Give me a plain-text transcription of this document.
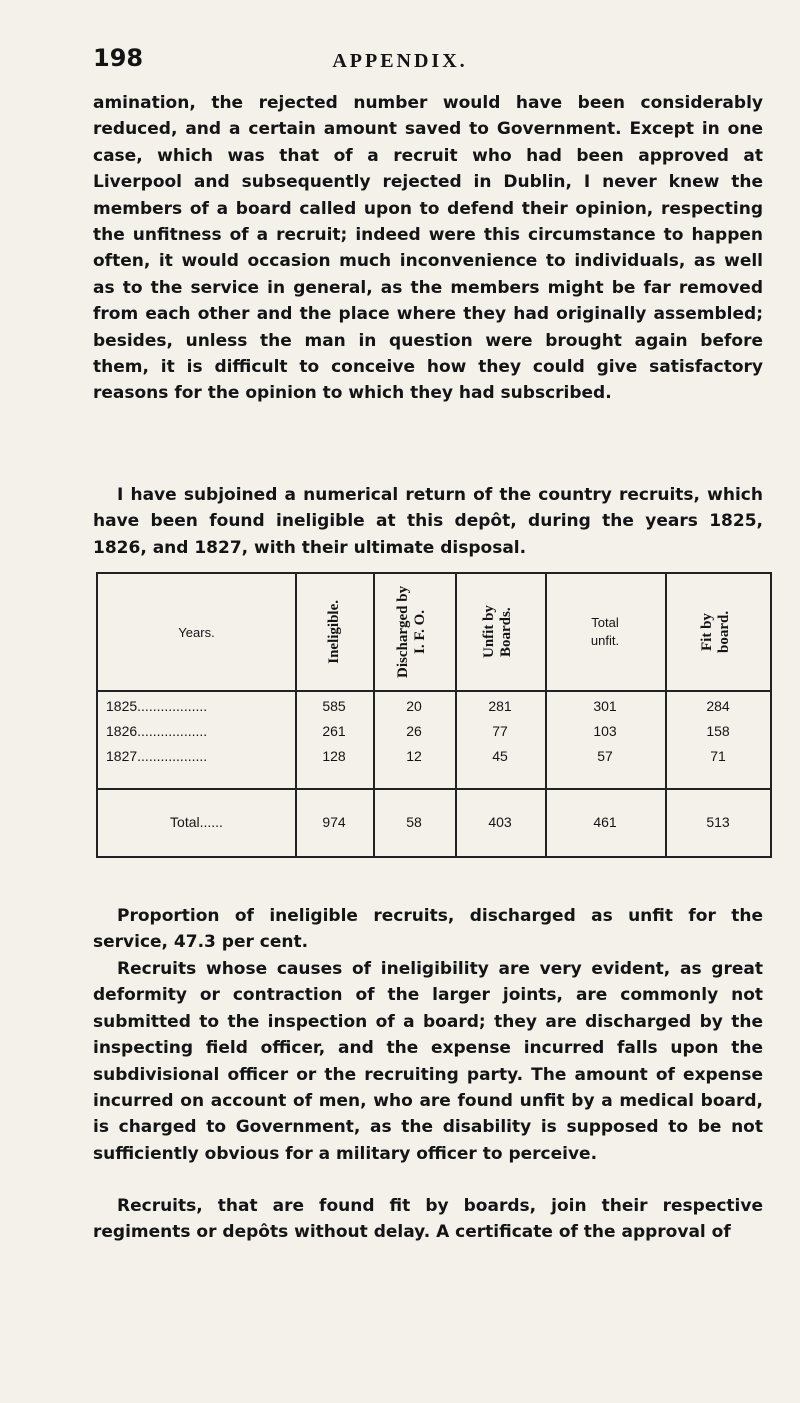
198	APPENDIX.

amination, the rejected number would have been considerably reduced, and a certain amount saved to Government. Except in one case, which was that of a recruit who had been approved at Liverpool and subsequently rejected in Dublin, I never knew the members of a board called upon to defend their opinion, respecting the unfitness of a recruit; indeed were this circumstance to happen often, it would occasion much inconvenience to individuals, as well as to the service in general, as the members might be far removed from each other and the place where they had originally assembled; besides, unless the man in question were brought again before them, it is difficult to conceive how they could give satisfactory reasons for the opinion to which they had subscribed.

I have subjoined a numerical return of the country recruits, which have been found ineligible at this depôt, during the years 1825, 1826, and 1827, with their ultimate disposal.

Years.	Ineligible.	Discharged by I. F. O.	Unfit by Boards.	Total unfit.	Fit by board.
1825..................	585	20	281	301	284
1826..................	261	26	77	103	158
1827..................	128	12	45	57	71
Total......	974	58	403	461	513

Proportion of ineligible recruits, discharged as unfit for the service, 47.3 per cent.

Recruits whose causes of ineligibility are very evident, as great deformity or contraction of the larger joints, are commonly not submitted to the inspection of a board; they are discharged by the inspecting field officer, and the expense incurred falls upon the subdivisional officer or the recruiting party. The amount of expense incurred on account of men, who are found unfit by a medical board, is charged to Government, as the disability is supposed to be not sufficiently obvious for a military officer to perceive.

Recruits, that are found fit by boards, join their respective regiments or depôts without delay. A certificate of the approval of
